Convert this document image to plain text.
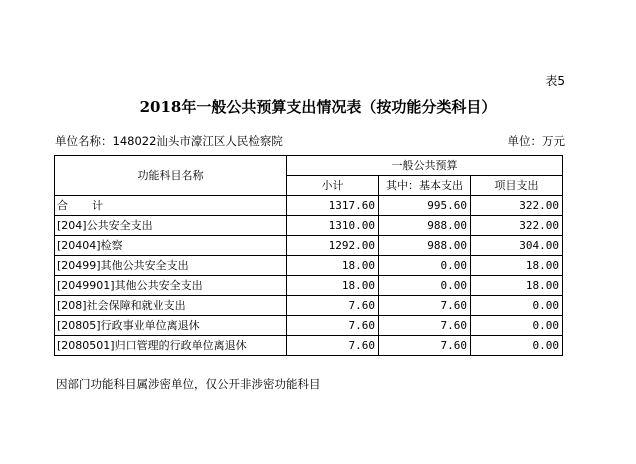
表5
2018年一般公共预算支出情况表（按功能分类科目）
单位名称：148022汕头市濠江区人民检察院	单位：万元
功能科目名称	一般公共预算		
	小计	其中：基本支出	项目支出
合 计	1317.60	995.60	322.00
[204]公共安全支出	1310.00	988.00	322.00
[20404]检察	1292.00	988.00	304.00
[20499]其他公共安全支出	18.00	0.00	18.00
[2049901]其他公共安全支出	18.00	0.00	18.00
[208]社会保障和就业支出	7.60	7.60	0.00
[20805]行政事业单位离退休	7.60	7.60	0.00
[2080501]归口管理的行政单位离退休	7.60	7.60	0.00
因部门功能科目属涉密单位，仅公开非涉密功能科目
